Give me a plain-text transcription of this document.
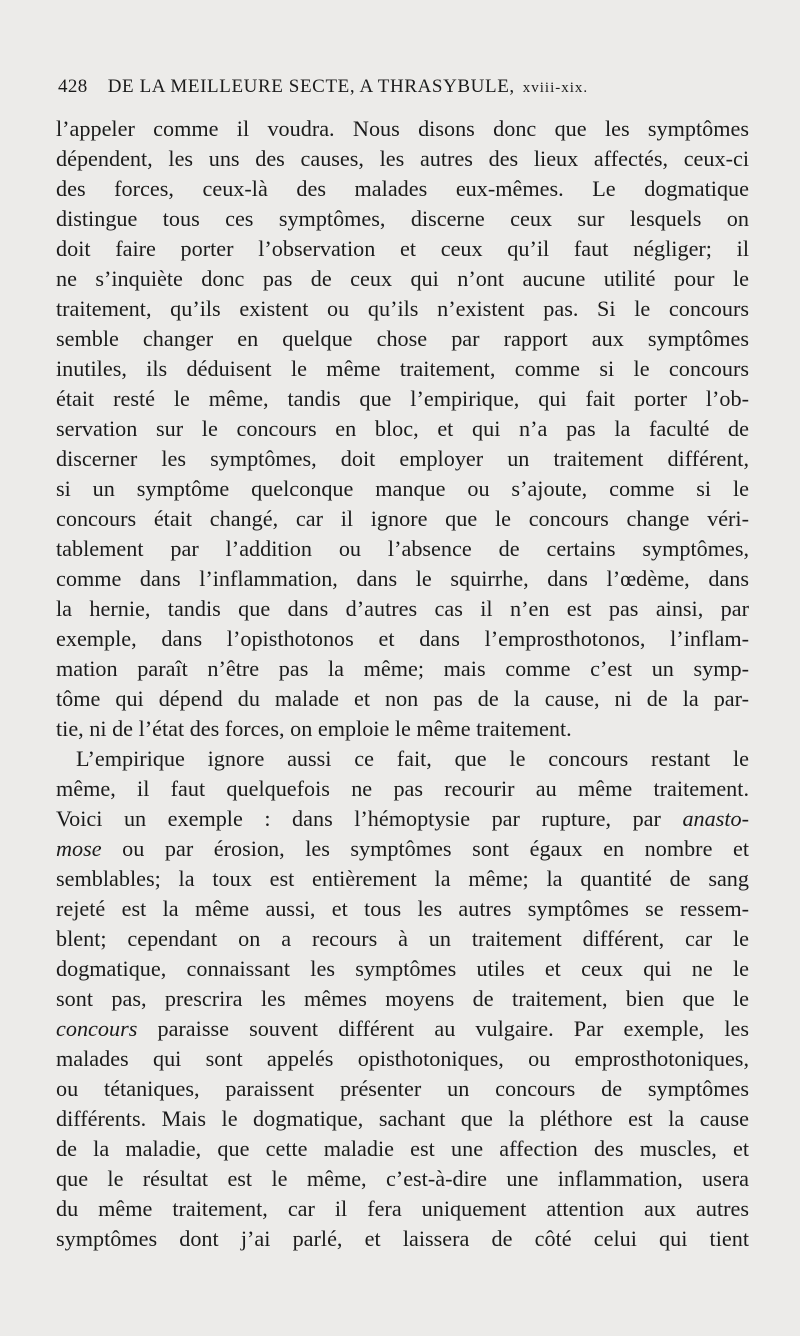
428 DE LA MEILLEURE SECTE, A THRASYBULE, xviii-xix.
l’appeler comme il voudra. Nous disons donc que les symptômes
dépendent, les uns des causes, les autres des lieux affectés, ceux-ci
des forces, ceux-là des malades eux-mêmes. Le dogmatique
distingue tous ces symptômes, discerne ceux sur lesquels on
doit faire porter l’observation et ceux qu’il faut négliger; il
ne s’inquiète donc pas de ceux qui n’ont aucune utilité pour le
traitement, qu’ils existent ou qu’ils n’existent pas. Si le concours
semble changer en quelque chose par rapport aux symptômes
inutiles, ils déduisent le même traitement, comme si le concours
était resté le même, tandis que l’empirique, qui fait porter l’ob-
servation sur le concours en bloc, et qui n’a pas la faculté de
discerner les symptômes, doit employer un traitement différent,
si un symptôme quelconque manque ou s’ajoute, comme si le
concours était changé, car il ignore que le concours change véri-
tablement par l’addition ou l’absence de certains symptômes,
comme dans l’inflammation, dans le squirrhe, dans l’œdème, dans
la hernie, tandis que dans d’autres cas il n’en est pas ainsi, par
exemple, dans l’opisthotonos et dans l’emprosthotonos, l’inflam-
mation paraît n’être pas la même; mais comme c’est un symp-
tôme qui dépend du malade et non pas de la cause, ni de la par-
tie, ni de l’état des forces, on emploie le même traitement.
L’empirique ignore aussi ce fait, que le concours restant le
même, il faut quelquefois ne pas recourir au même traitement.
Voici un exemple : dans l’hémoptysie par rupture, par anasto-
mose ou par érosion, les symptômes sont égaux en nombre et
semblables; la toux est entièrement la même; la quantité de sang
rejeté est la même aussi, et tous les autres symptômes se ressem-
blent; cependant on a recours à un traitement différent, car le
dogmatique, connaissant les symptômes utiles et ceux qui ne le
sont pas, prescrira les mêmes moyens de traitement, bien que le
concours paraisse souvent différent au vulgaire. Par exemple, les
malades qui sont appelés opisthotoniques, ou emprosthotoniques,
ou tétaniques, paraissent présenter un concours de symptômes
différents. Mais le dogmatique, sachant que la pléthore est la cause
de la maladie, que cette maladie est une affection des muscles, et
que le résultat est le même, c’est-à-dire une inflammation, usera
du même traitement, car il fera uniquement attention aux autres
symptômes dont j’ai parlé, et laissera de côté celui qui tient
